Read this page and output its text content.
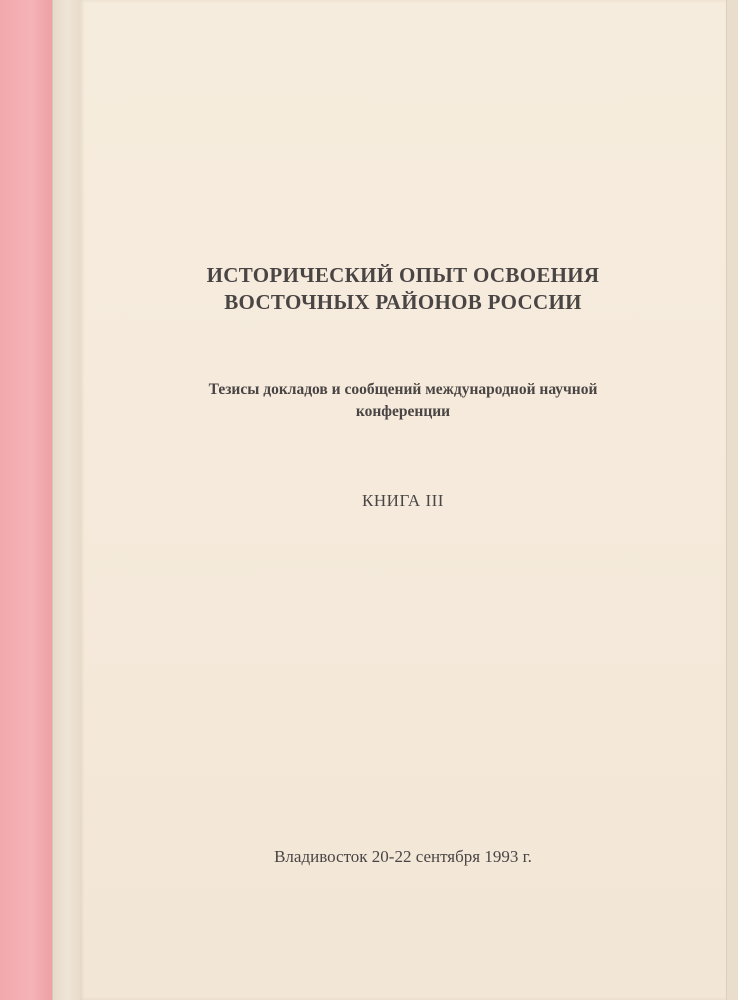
ИСТОРИЧЕСКИЙ ОПЫТ ОСВОЕНИЯ
ВОСТОЧНЫХ РАЙОНОВ РОССИИ
Тезисы докладов и сообщений международной научной
конференции
КНИГА III
Владивосток 20-22 сентября 1993 г.
